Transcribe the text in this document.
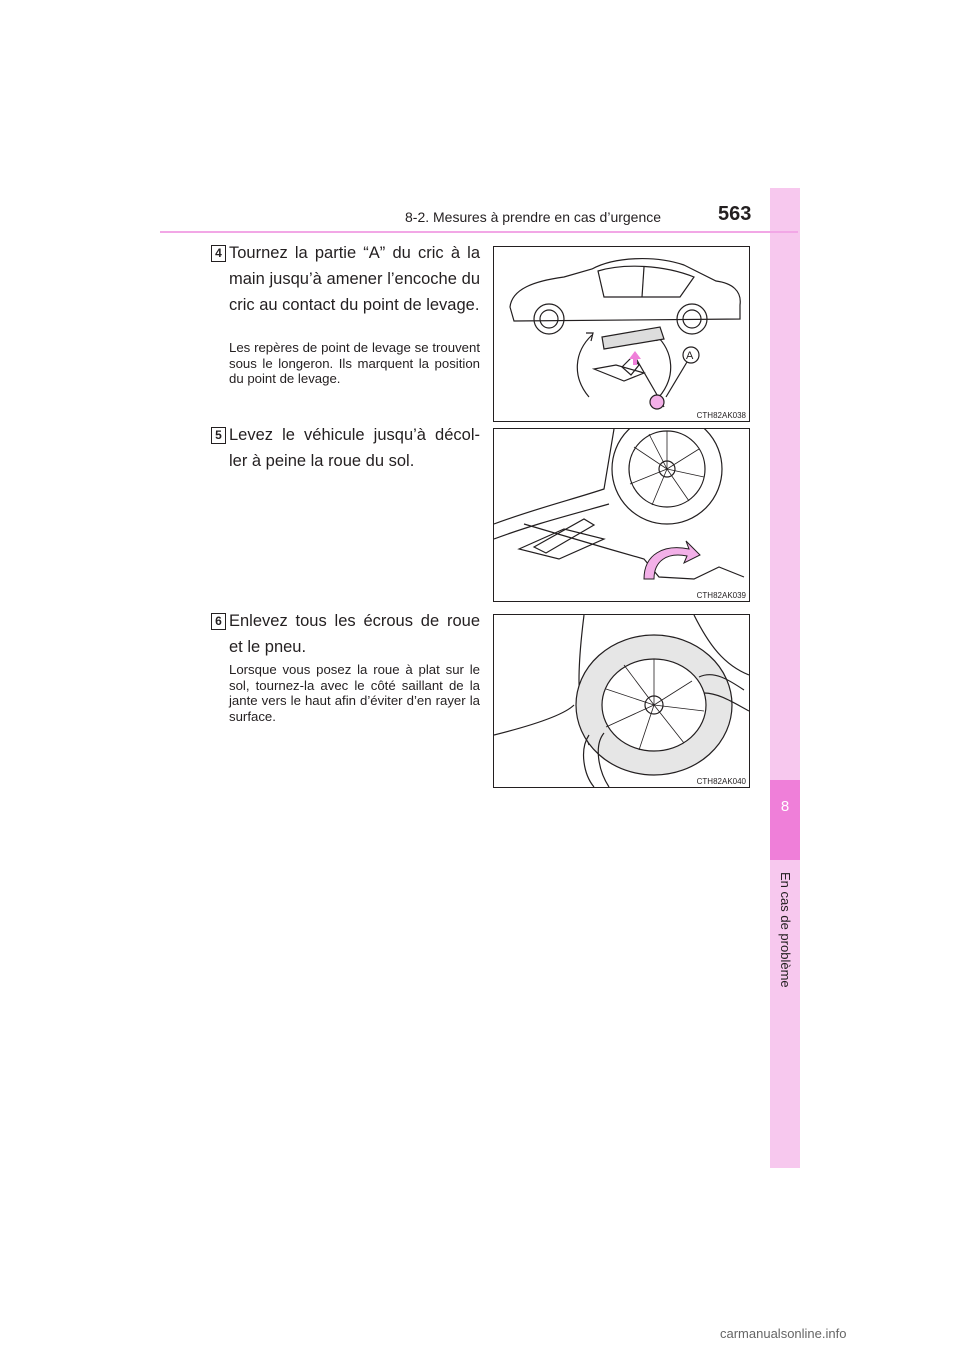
8
En cas de problème
8-2. Mesures à prendre en cas d’urgence	563
4 Tournez la partie “A” du cric à la main jusqu’à amener l’encoche du cric au contact du point de levage.
Les repères de point de levage se trouvent sous le longeron. Ils marquent la position du point de levage.
A
CTH82AK038
5 Levez le véhicule jusqu’à décol-ler à peine la roue du sol.
CTH82AK039
6 Enlevez tous les écrous de roue et le pneu.
Lorsque vous posez la roue à plat sur le sol, tournez-la avec le côté saillant de la jante vers le haut afin d’éviter d’en rayer la surface.
CTH82AK040
carmanualsonline.info
